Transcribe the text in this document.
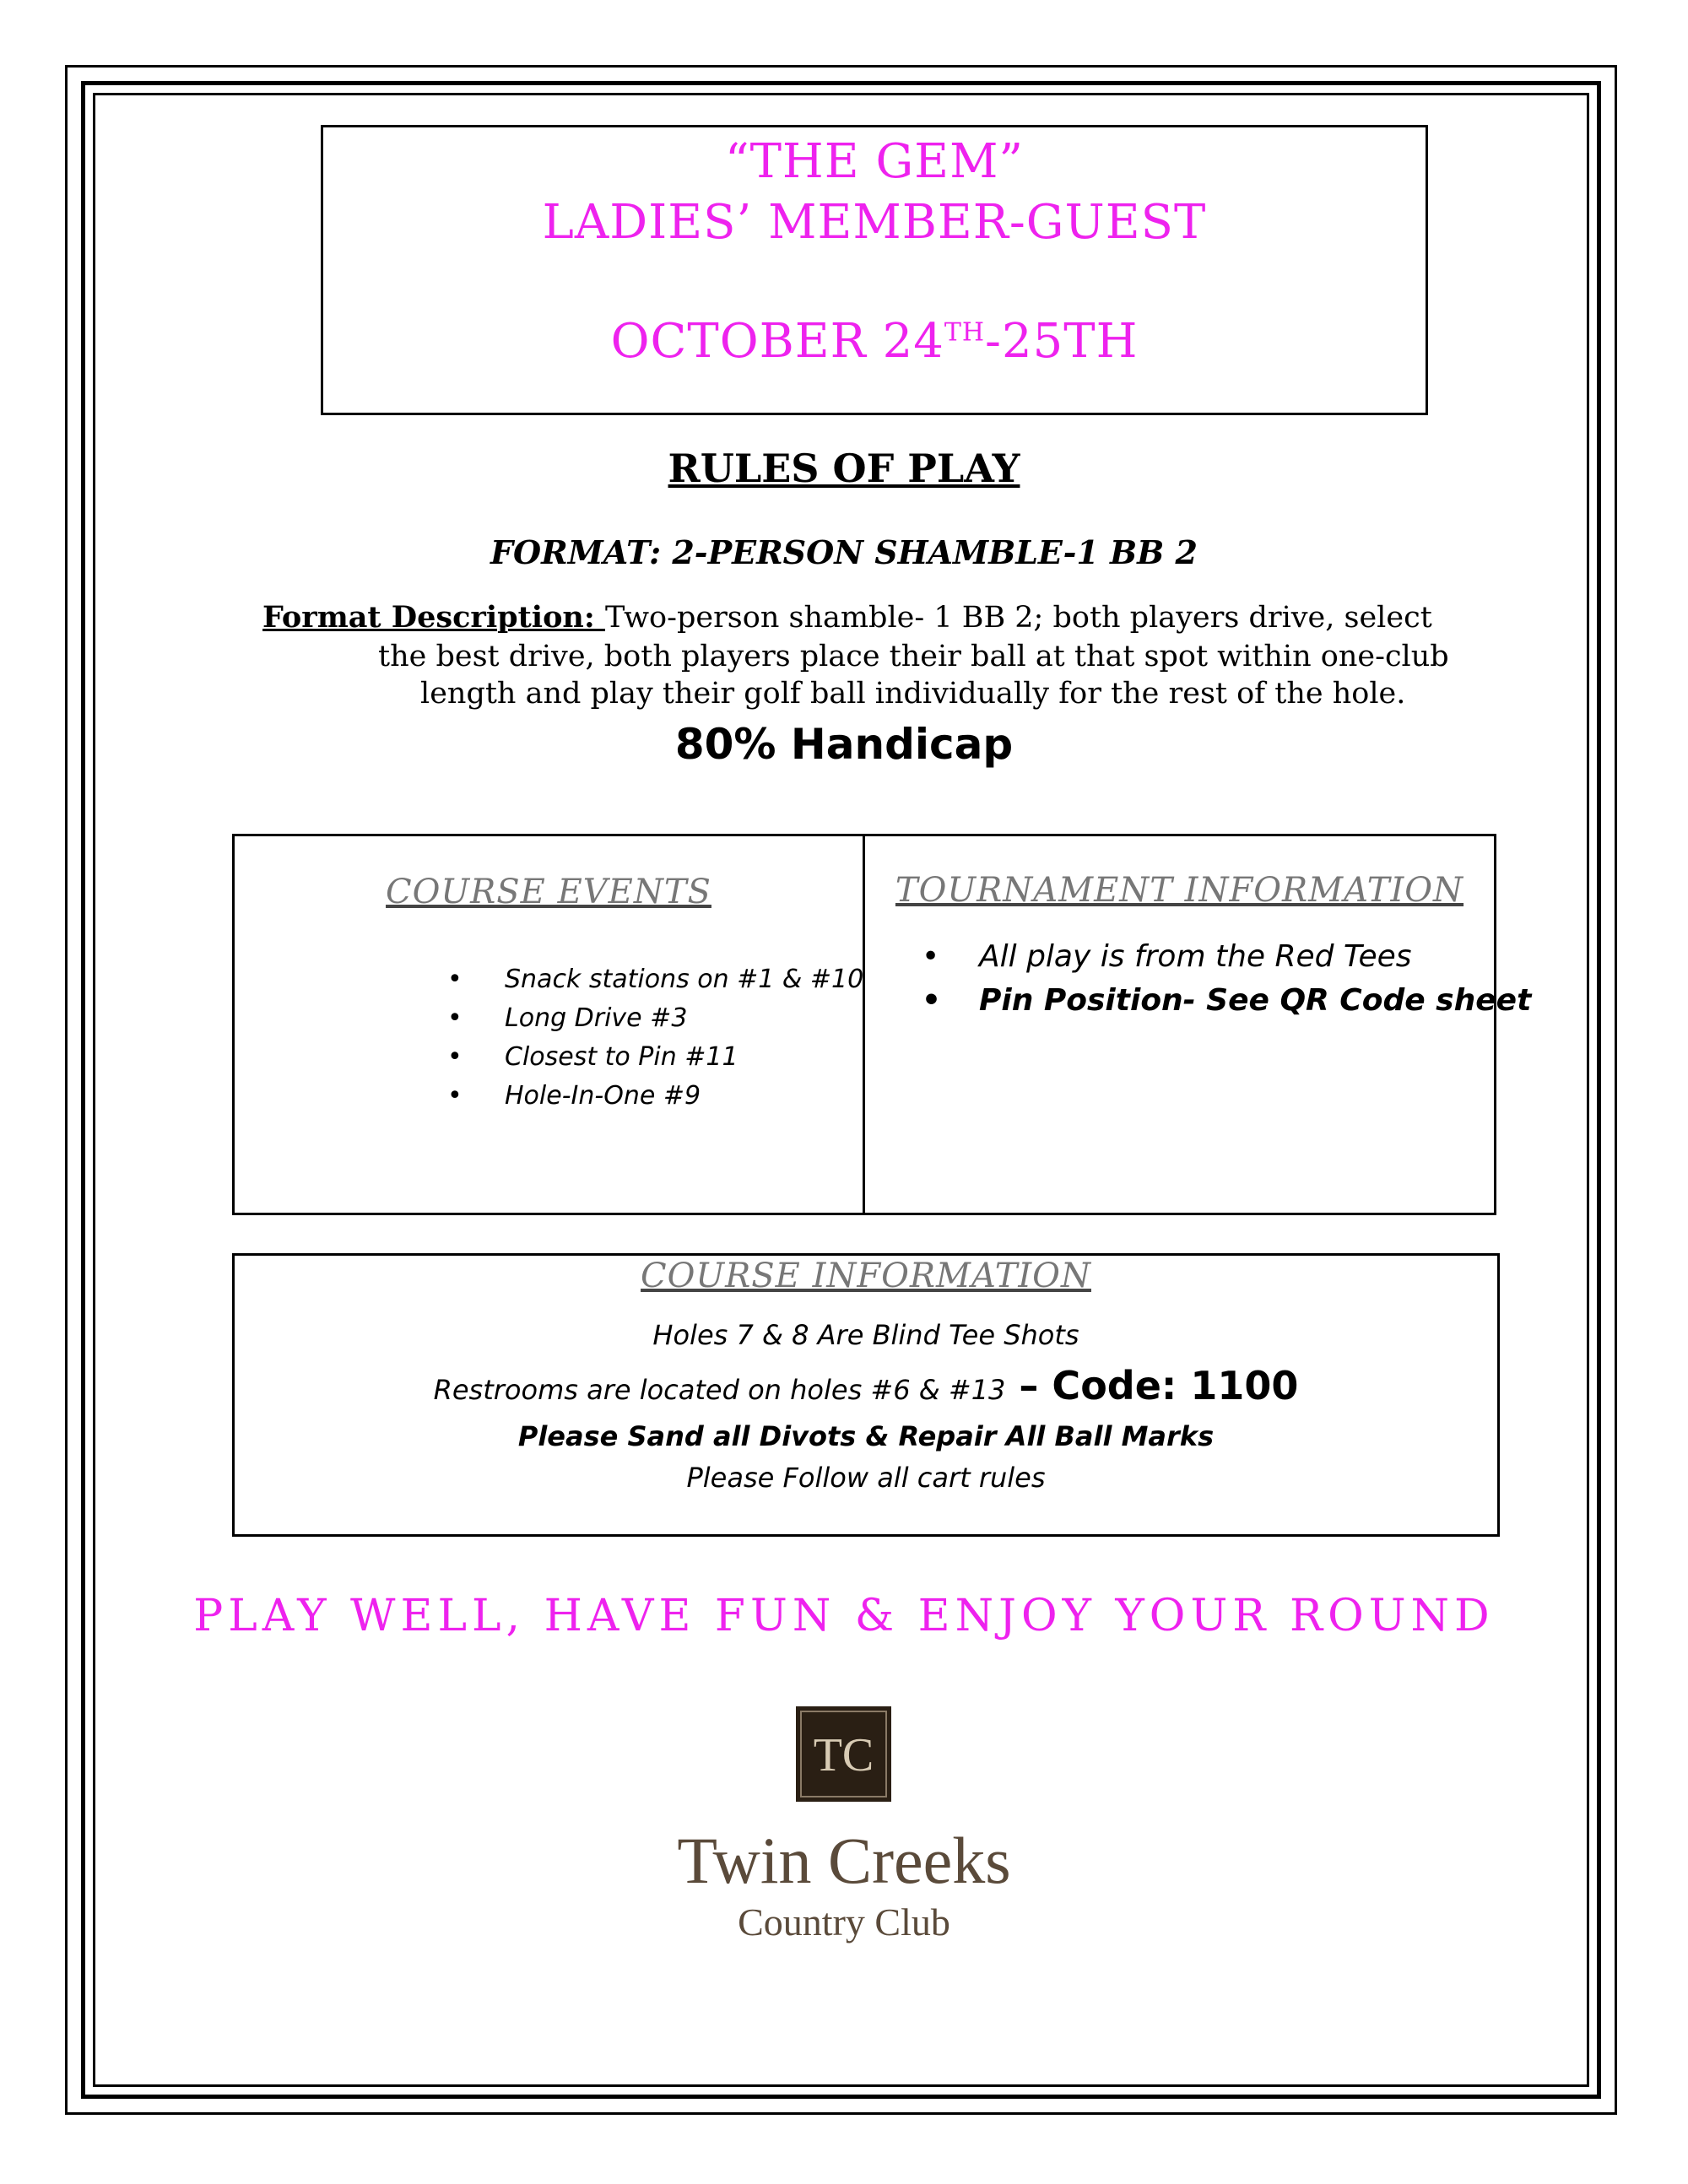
“THE GEM”
LADIES’ MEMBER-GUEST
OCTOBER 24TH-25TH
RULES OF PLAY
FORMAT: 2-PERSON SHAMBLE-1 BB 2
Format Description: Two-person shamble- 1 BB 2; both players drive, select
the best drive, both players place their ball at that spot within one-club
length and play their golf ball individually for the rest of the hole.
80% Handicap
COURSE EVENTS
• Snack stations on #1 & #10
• Long Drive #3
• Closest to Pin #11
• Hole-In-One #9
TOURNAMENT INFORMATION
• All play is from the Red Tees
• Pin Position- See QR Code sheet
COURSE INFORMATION
Holes 7 & 8 Are Blind Tee Shots
Restrooms are located on holes #6 & #13 – Code: 1100
Please Sand all Divots & Repair All Ball Marks
Please Follow all cart rules
PLAY WELL, HAVE FUN & ENJOY YOUR ROUND
TC
Twin Creeks
Country Club
